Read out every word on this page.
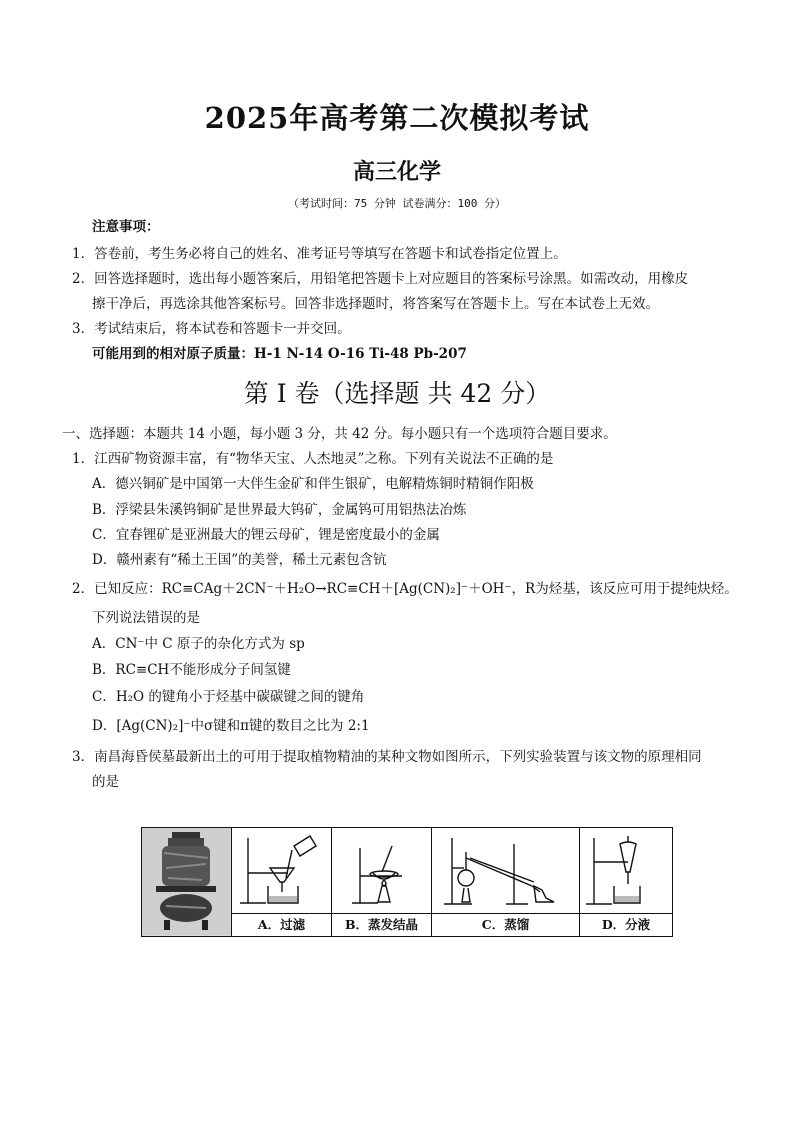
2025年高考第二次模拟考试
高三化学
（考试时间：75 分钟 试卷满分：100 分）
注意事项：
1．答卷前，考生务必将自己的姓名、准考证号等填写在答题卡和试卷指定位置上。
2．回答选择题时，选出每小题答案后，用铅笔把答题卡上对应题目的答案标号涂黑。如需改动，用橡皮
擦干净后，再选涂其他答案标号。回答非选择题时，将答案写在答题卡上。写在本试卷上无效。
3．考试结束后，将本试卷和答题卡一并交回。
可能用到的相对原子质量：H-1 N-14 O-16 Ti-48 Pb-207
第 I 卷（选择题 共 42 分）
一、选择题：本题共 14 小题，每小题 3 分，共 42 分。每小题只有一个选项符合题目要求。
1．江西矿物资源丰富，有“物华天宝、人杰地灵”之称。下列有关说法不正确的是
A．德兴铜矿是中国第一大伴生金矿和伴生银矿，电解精炼铜时精铜作阳极
B．浮梁县朱溪钨铜矿是世界最大钨矿，金属钨可用铝热法冶炼
C．宜春锂矿是亚洲最大的锂云母矿，锂是密度最小的金属
D．赣州素有“稀土王国”的美誉，稀土元素包含钪
2．已知反应：RC≡CAg＋2CN⁻＋H₂O→RC≡CH＋[Ag(CN)₂]⁻＋OH⁻，R为烃基，该反应可用于提纯炔烃。
下列说法错误的是
A．CN⁻中 C 原子的杂化方式为 sp
B．RC≡CH不能形成分子间氢键
C．H₂O 的键角小于烃基中碳碳键之间的键角
D．[Ag(CN)₂]⁻中σ键和π键的数目之比为 2:1
3．南昌海昏侯墓最新出土的可用于提取植物精油的某种文物如图所示，下列实验装置与该文物的原理相同
的是
A．过滤	B．蒸发结晶	C．蒸馏	D．分液
